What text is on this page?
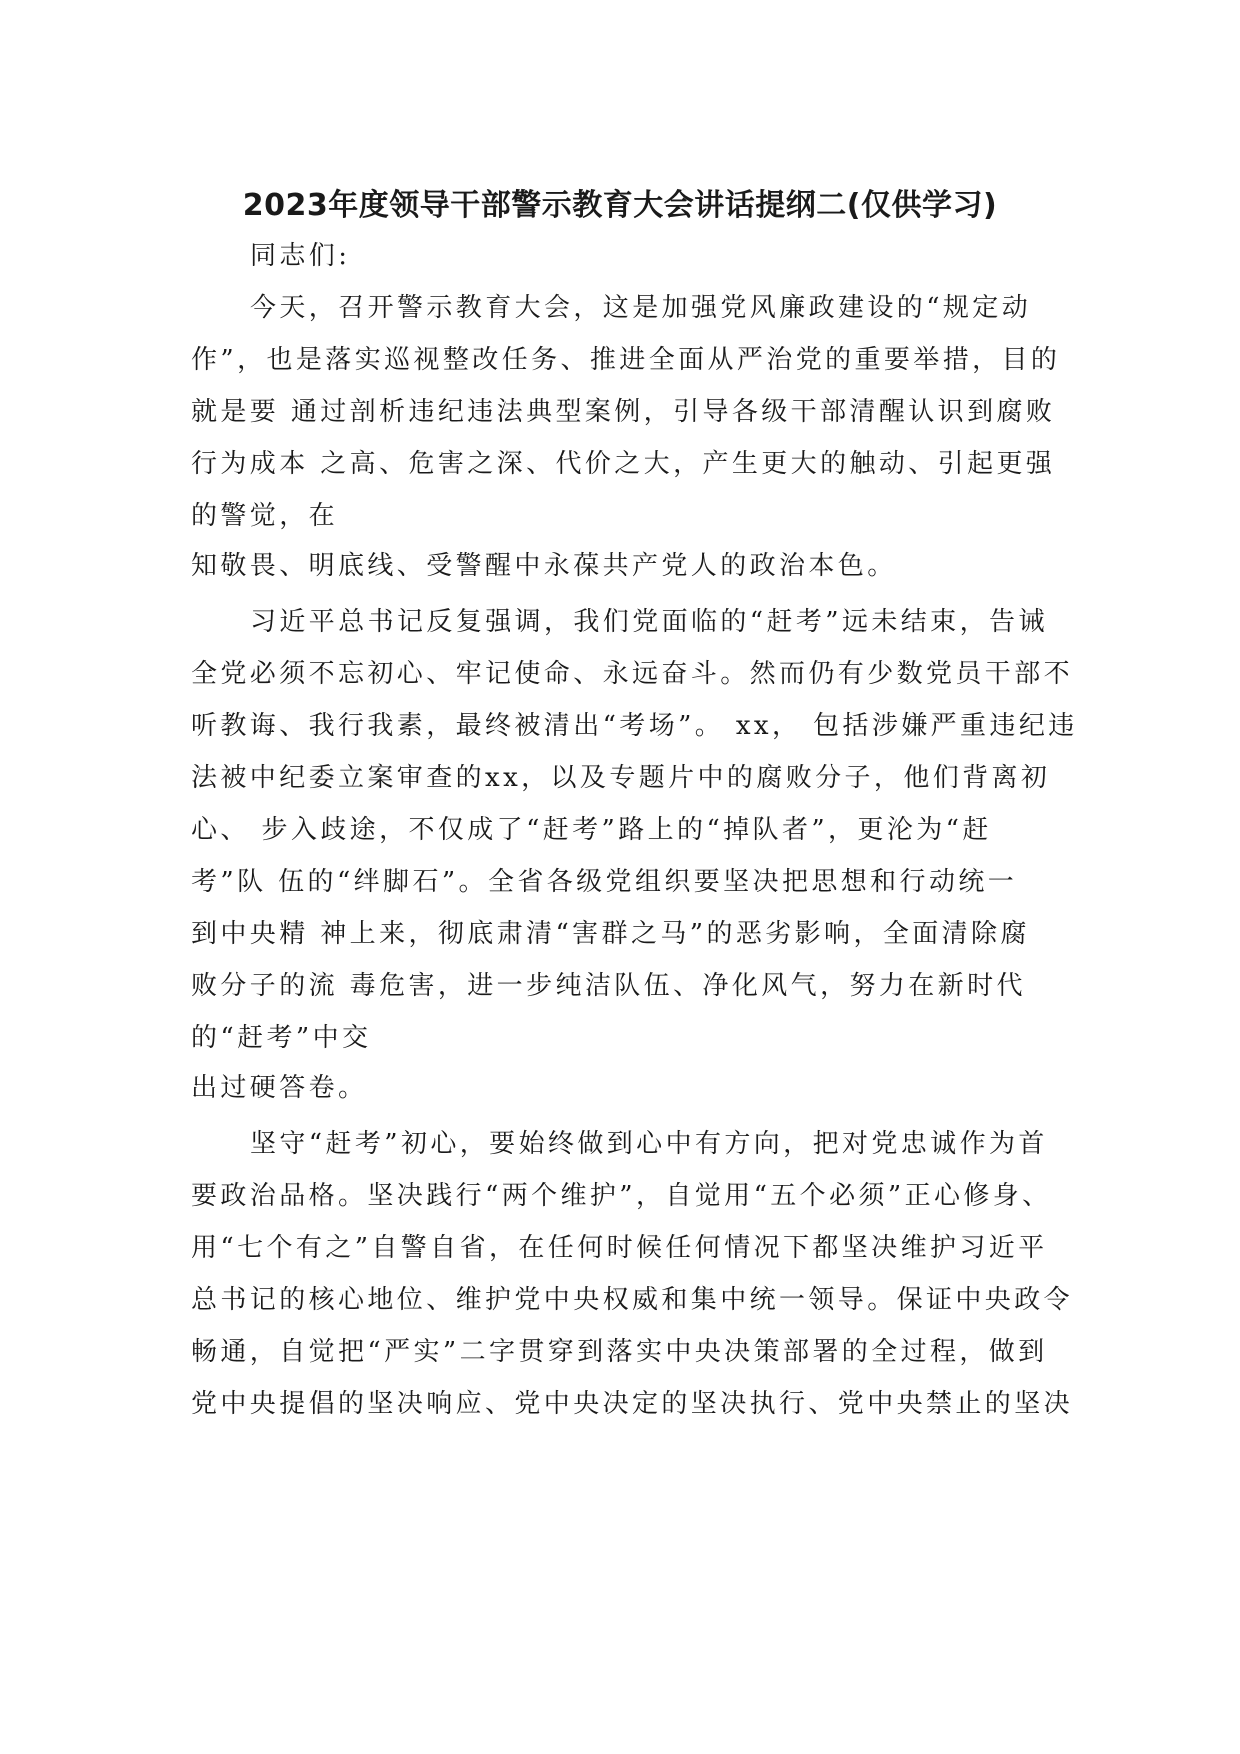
2023年度领导干部警示教育大会讲话提纲二(仅供学习)
同志们:
今天，召开警示教育大会，这是加强党风廉政建设的“规定动
作”，也是落实巡视整改任务、推进全面从严治党的重要举措，目的
就是要 通过剖析违纪违法典型案例，引导各级干部清醒认识到腐败
行为成本 之高、危害之深、代价之大，产生更大的触动、引起更强
的警觉，在
知敬畏、明底线、受警醒中永葆共产党人的政治本色。
习近平总书记反复强调，我们党面临的“赶考”远未结束，告诫
全党必须不忘初心、牢记使命、永远奋斗。然而仍有少数党员干部不
听教诲、我行我素，最终被清出“考场”。 xx， 包括涉嫌严重违纪违
法被中纪委立案审查的xx，以及专题片中的腐败分子，他们背离初
心、 步入歧途，不仅成了“赶考”路上的“掉队者”，更沦为“赶
考”队 伍的“绊脚石”。全省各级党组织要坚决把思想和行动统一
到中央精 神上来，彻底肃清“害群之马”的恶劣影响，全面清除腐
败分子的流 毒危害，进一步纯洁队伍、净化风气，努力在新时代
的“赶考”中交
出过硬答卷。
坚守“赶考”初心，要始终做到心中有方向，把对党忠诚作为首
要政治品格。坚决践行“两个维护”，自觉用“五个必须”正心修身、
用“七个有之”自警自省，在任何时候任何情况下都坚决维护习近平
总书记的核心地位、维护党中央权威和集中统一领导。保证中央政令
畅通，自觉把“严实”二字贯穿到落实中央决策部署的全过程，做到
党中央提倡的坚决响应、党中央决定的坚决执行、党中央禁止的坚决
